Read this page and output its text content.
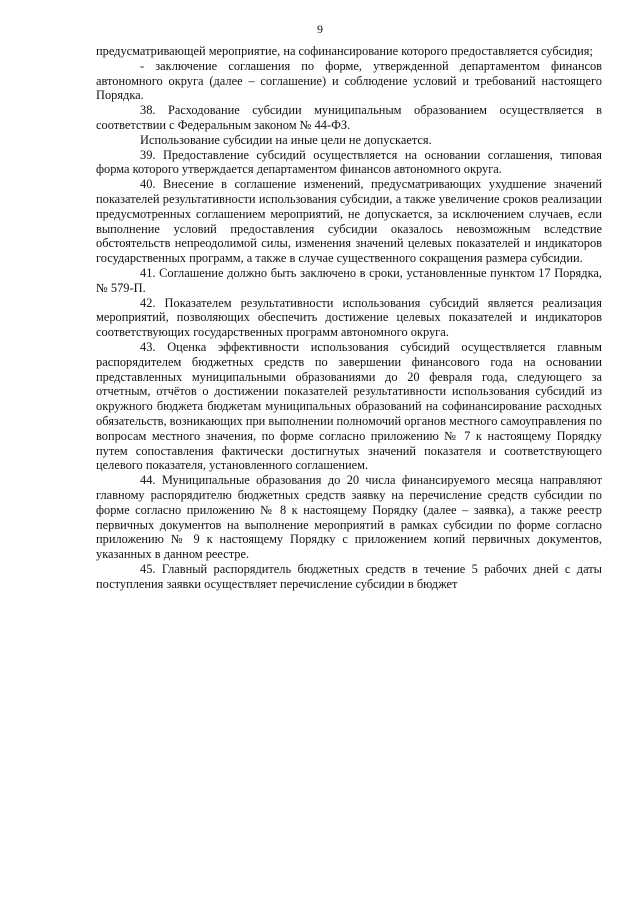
9

предусматривающей мероприятие, на софинансирование которого предоставляется субсидия;

- заключение соглашения по форме, утвержденной департаментом финансов автономного округа (далее – соглашение) и соблюдение условий и требований настоящего Порядка.

38. Расходование субсидии муниципальным образованием осуществляется в соответствии с Федеральным законом № 44-ФЗ.

Использование субсидии на иные цели не допускается.

39. Предоставление субсидий осуществляется на основании соглашения, типовая форма которого утверждается департаментом финансов автономного округа.

40. Внесение в соглашение изменений, предусматривающих ухудшение значений показателей результативности использования субсидии, а также увеличение сроков реализации предусмотренных соглашением мероприятий, не допускается, за исключением случаев, если выполнение условий предоставления субсидии оказалось невозможным вследствие обстоятельств непреодолимой силы, изменения значений целевых показателей и индикаторов государственных программ, а также в случае существенного сокращения размера субсидии.

41. Соглашение должно быть заключено в сроки, установленные пунктом 17 Порядка, № 579-П.

42. Показателем результативности использования субсидий является реализация мероприятий, позволяющих обеспечить достижение целевых показателей и индикаторов соответствующих государственных программ автономного округа.

43. Оценка эффективности использования субсидий осуществляется главным распорядителем бюджетных средств по завершении финансового года на основании представленных муниципальными образованиями до 20 февраля года, следующего за отчетным, отчётов о достижении показателей результативности использования субсидий из окружного бюджета бюджетам муниципальных образований на софинансирование расходных обязательств, возникающих при выполнении полномочий органов местного самоуправления по вопросам местного значения, по форме согласно приложению № 7 к настоящему Порядку путем сопоставления фактически достигнутых значений показателя и соответствующего целевого показателя, установленного соглашением.

44. Муниципальные образования до 20 числа финансируемого месяца направляют главному распорядителю бюджетных средств заявку на перечисление средств субсидии по форме согласно приложению № 8 к настоящему Порядку (далее – заявка), а также реестр первичных документов на выполнение мероприятий в рамках субсидии по форме согласно приложению № 9 к настоящему Порядку с приложением копий первичных документов, указанных в данном реестре.

45. Главный распорядитель бюджетных средств в течение 5 рабочих дней с даты поступления заявки осуществляет перечисление субсидии в бюджет
